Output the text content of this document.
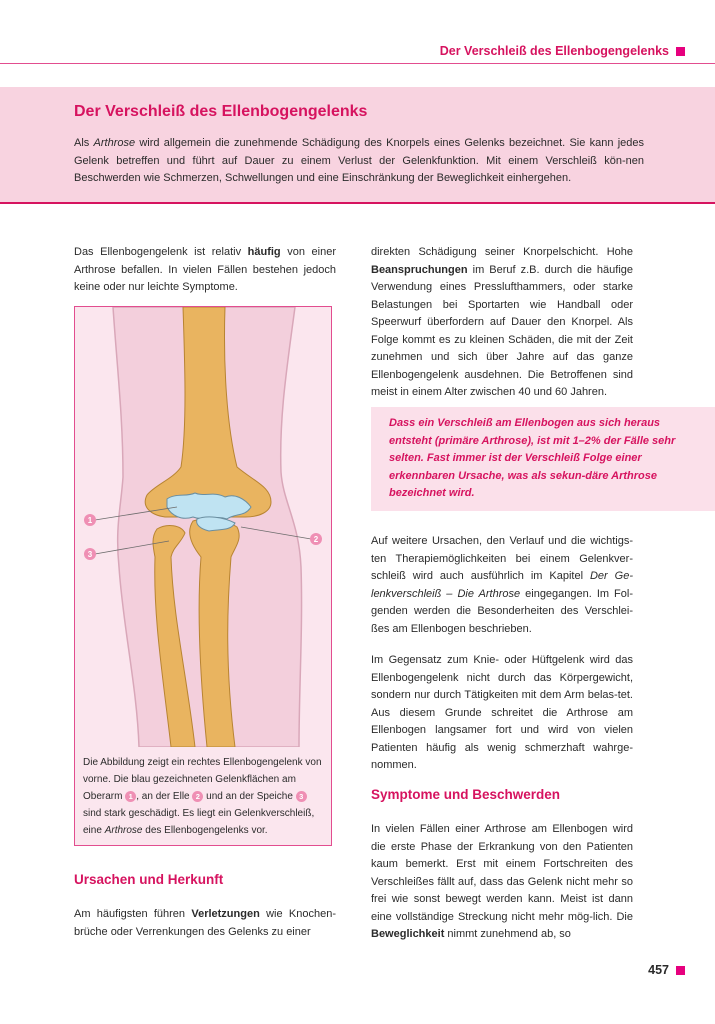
Der Verschleiß des Ellenbogengelenks
Der Verschleiß des Ellenbogengelenks

Als Arthrose wird allgemein die zunehmende Schädigung des Knorpels eines Gelenks bezeichnet. Sie kann jedes Gelenk betreffen und führt auf Dauer zu einem Verlust der Gelenkfunktion. Mit einem Verschleiß kön-nen Beschwerden wie Schmerzen, Schwellungen und eine Einschränkung der Beweglichkeit einhergehen.

Das Ellenbogengelenk ist relativ häufig von einer Arthrose befallen. In vielen Fällen bestehen jedoch keine oder nur leichte Symptome.

1
3
2
Die Abbildung zeigt ein rechtes Ellenbogengelenk von vorne. Die blau gezeichneten Gelenkflächen am Oberarm 1 , an der Elle 2 und an der Speiche 3 sind stark geschädigt. Es liegt ein Gelenkverschleiß, eine Arthrose des Ellenbogengelenks vor.
Ursachen und Herkunft

Am häufigsten führen Verletzungen wie Knochen-brüche oder Verrenkungen des Gelenks zu einer

direkten Schädigung seiner Knorpelschicht. Hohe Beanspruchungen im Beruf z.B. durch die häufige Verwendung eines Presslufthammers, oder starke Belastungen bei Sportarten wie Handball oder Speerwurf überfordern auf Dauer den Knorpel. Als Folge kommt es zu kleinen Schäden, die mit der Zeit zunehmen und sich über Jahre auf das ganze Ellenbogengelenk ausdehnen. Die Betroffenen sind meist in einem Alter zwischen 40 und 60 Jahren.

Dass ein Verschleiß am Ellenbogen aus sich heraus entsteht (primäre Arthrose), ist mit 1–2% der Fälle sehr selten. Fast immer ist der Verschleiß Folge einer erkennbaren Ursache, was als sekun-däre Arthrose bezeichnet wird.

Auf weitere Ursachen, den Verlauf und die wichtigs-ten Therapiemöglichkeiten bei einem Gelenkver-schleiß wird auch ausführlich im Kapitel Der Ge-lenkverschleiß – Die Arthrose eingegangen. Im Fol-genden werden die Besonderheiten des Verschlei-ßes am Ellenbogen beschrieben.

Im Gegensatz zum Knie- oder Hüftgelenk wird das Ellenbogengelenk nicht durch das Körpergewicht, sondern nur durch Tätigkeiten mit dem Arm belas-tet. Aus diesem Grunde schreitet die Arthrose am Ellenbogen langsamer fort und wird von vielen Patienten häufig als wenig schmerzhaft wahrge-nommen.

Symptome und Beschwerden

In vielen Fällen einer Arthrose am Ellenbogen wird die erste Phase der Erkrankung von den Patienten kaum bemerkt. Erst mit einem Fortschreiten des Verschleißes fällt auf, dass das Gelenk nicht mehr so frei wie sonst bewegt werden kann. Meist ist dann eine vollständige Streckung nicht mehr mög-lich. Die Beweglichkeit nimmt zunehmend ab, so

457
